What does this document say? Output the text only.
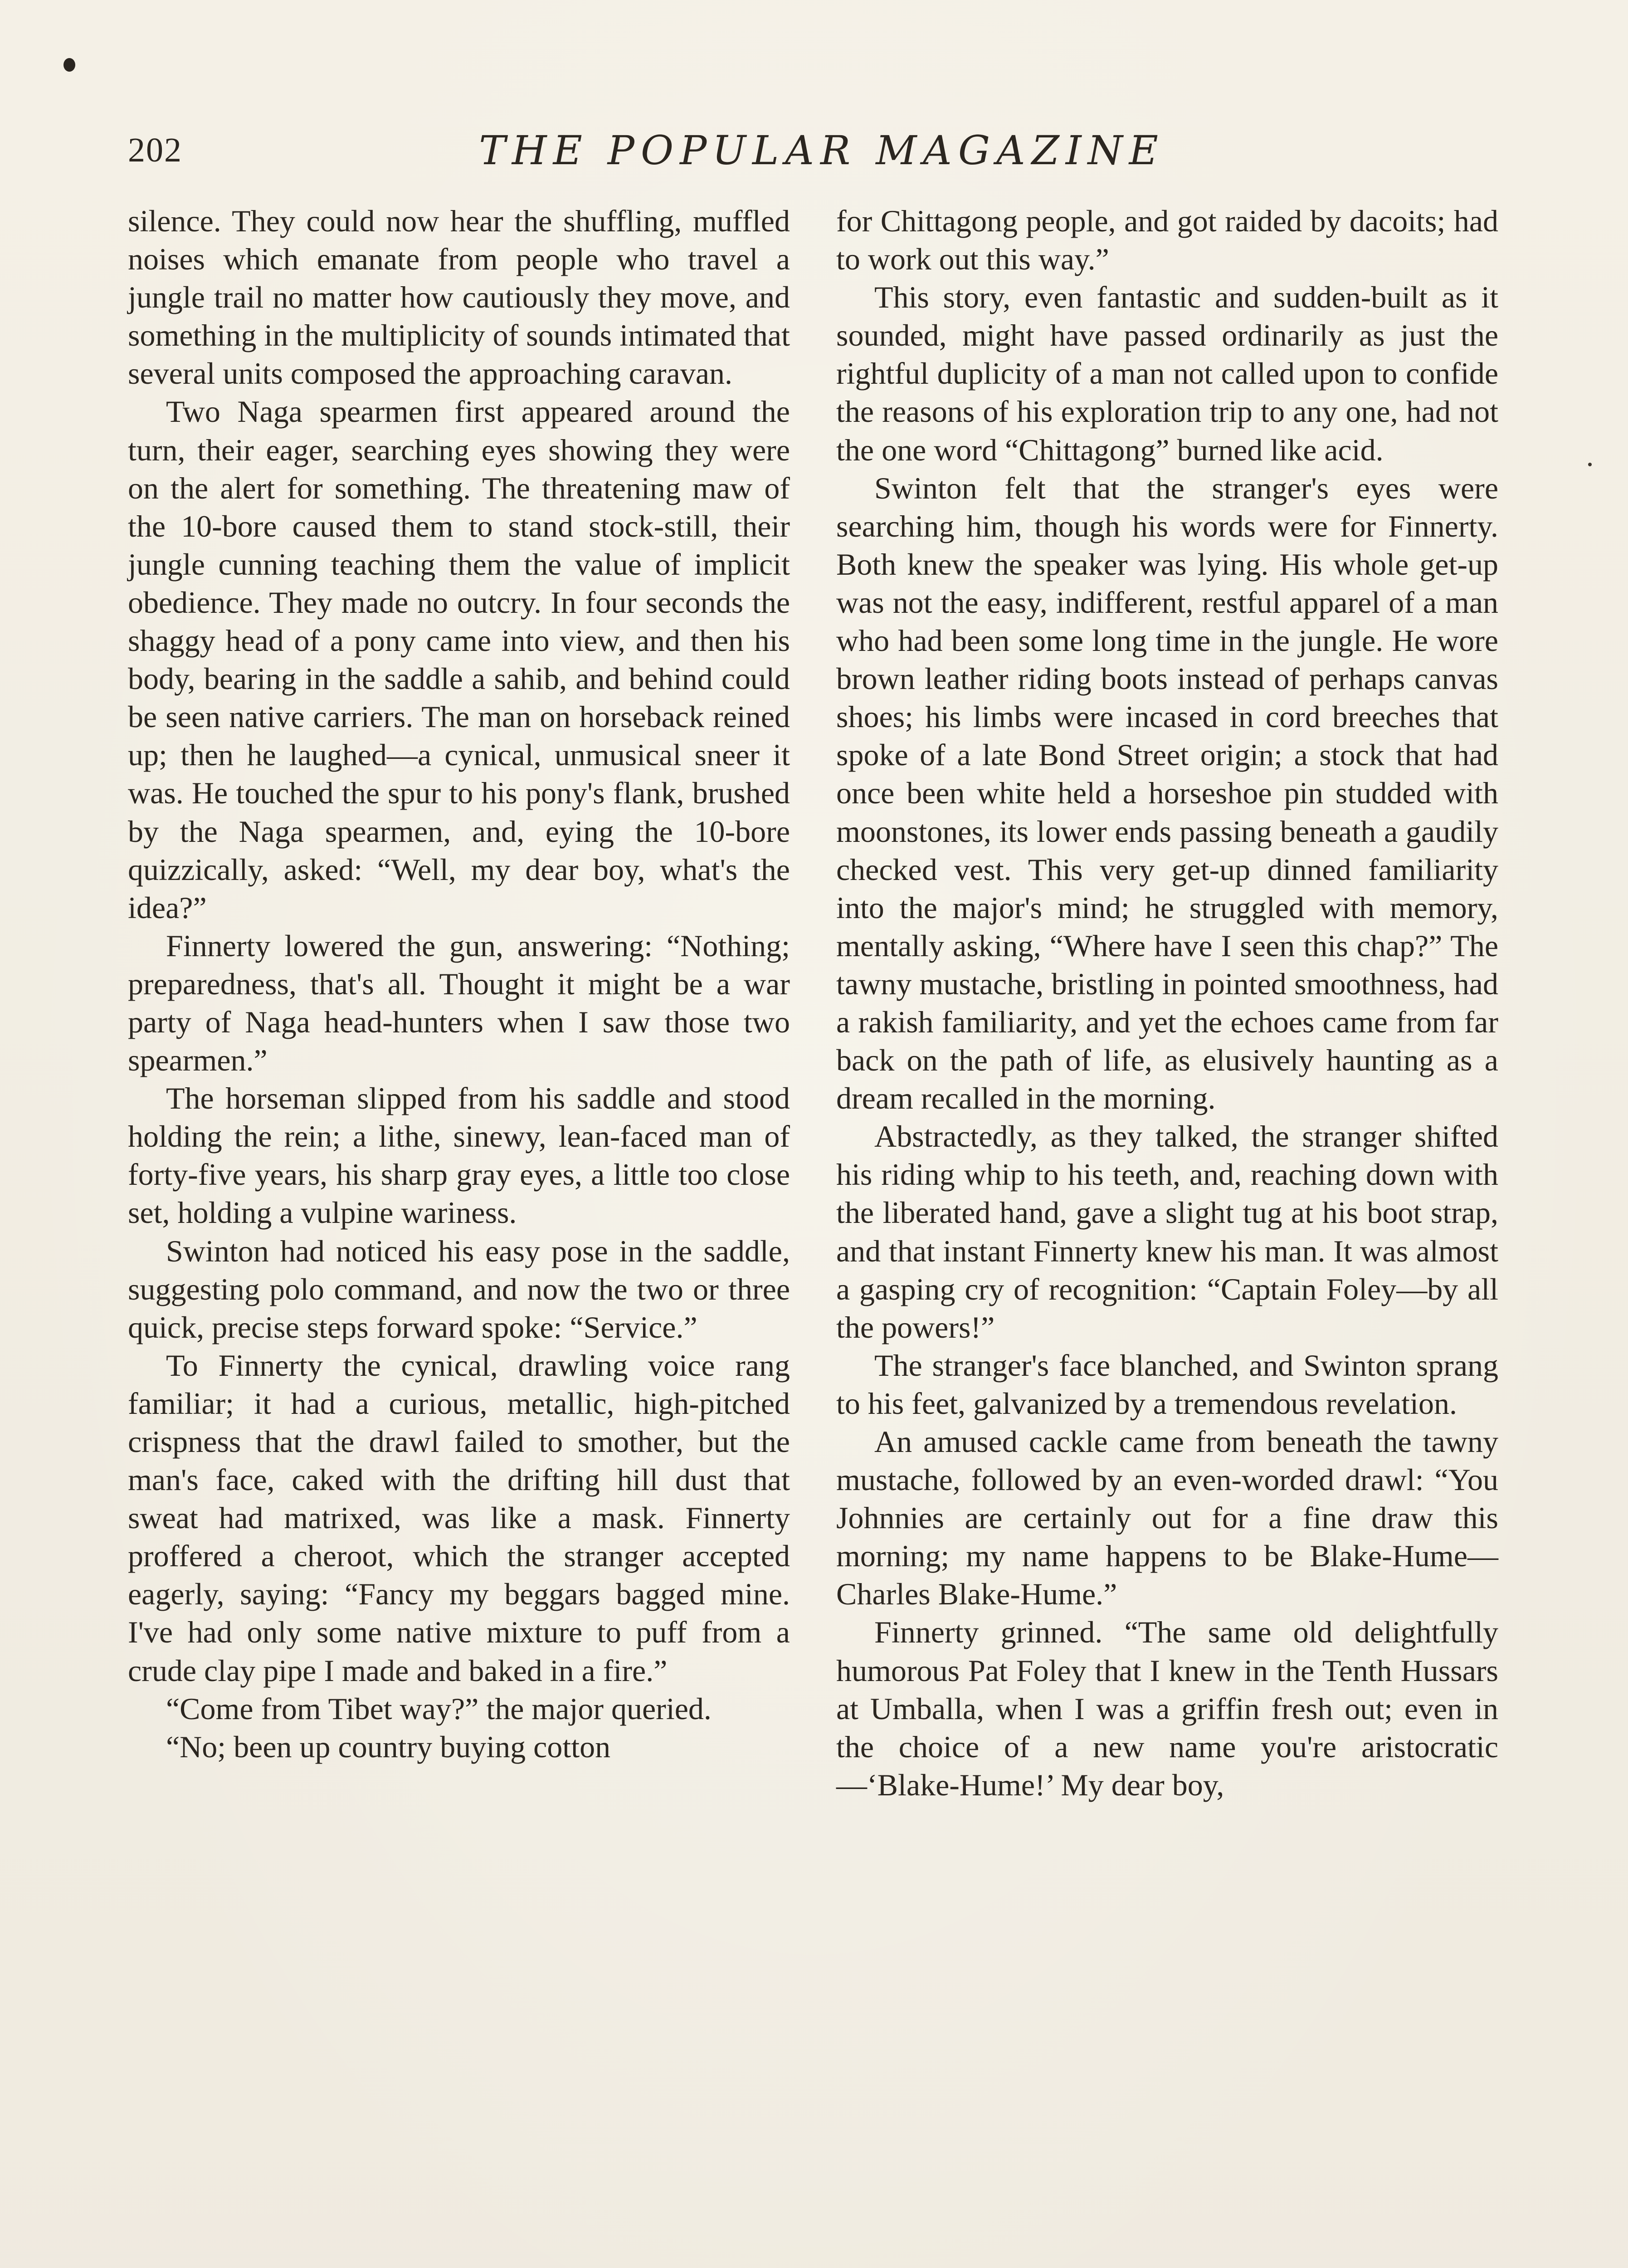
202	THE POPULAR MAGAZINE

silence. They could now hear the shuffling, muffled noises which emanate from people who travel a jungle trail no matter how cautiously they move, and something in the multiplicity of sounds intimated that several units composed the approaching caravan.

Two Naga spearmen first appeared around the turn, their eager, searching eyes showing they were on the alert for something. The threatening maw of the 10-bore caused them to stand stock-still, their jungle cunning teaching them the value of implicit obedience. They made no outcry. In four seconds the shaggy head of a pony came into view, and then his body, bearing in the saddle a sahib, and behind could be seen native carriers. The man on horseback reined up; then he laughed—a cynical, unmusical sneer it was. He touched the spur to his pony's flank, brushed by the Naga spearmen, and, eying the 10-bore quizzically, asked: “Well, my dear boy, what's the idea?”

Finnerty lowered the gun, answering: “Nothing; preparedness, that's all. Thought it might be a war party of Naga head-hunters when I saw those two spearmen.”

The horseman slipped from his saddle and stood holding the rein; a lithe, sinewy, lean-faced man of forty-five years, his sharp gray eyes, a little too close set, holding a vulpine wariness.

Swinton had noticed his easy pose in the saddle, suggesting polo command, and now the two or three quick, precise steps forward spoke: “Service.”

To Finnerty the cynical, drawling voice rang familiar; it had a curious, metallic, high-pitched crispness that the drawl failed to smother, but the man's face, caked with the drifting hill dust that sweat had matrixed, was like a mask. Finnerty proffered a cheroot, which the stranger accepted eagerly, saying: “Fancy my beggars bagged mine. I've had only some native mixture to puff from a crude clay pipe I made and baked in a fire.”

“Come from Tibet way?” the major queried.

“No; been up country buying cotton

for Chittagong people, and got raided by dacoits; had to work out this way.”

This story, even fantastic and sudden-built as it sounded, might have passed ordinarily as just the rightful duplicity of a man not called upon to confide the reasons of his exploration trip to any one, had not the one word “Chittagong” burned like acid.

Swinton felt that the stranger's eyes were searching him, though his words were for Finnerty. Both knew the speaker was lying. His whole get-up was not the easy, indifferent, restful apparel of a man who had been some long time in the jungle. He wore brown leather riding boots instead of perhaps canvas shoes; his limbs were incased in cord breeches that spoke of a late Bond Street origin; a stock that had once been white held a horseshoe pin studded with moonstones, its lower ends passing beneath a gaudily checked vest. This very get-up dinned familiarity into the major's mind; he struggled with memory, mentally asking, “Where have I seen this chap?” The tawny mustache, bristling in pointed smoothness, had a rakish familiarity, and yet the echoes came from far back on the path of life, as elusively haunting as a dream recalled in the morning.

Abstractedly, as they talked, the stranger shifted his riding whip to his teeth, and, reaching down with the liberated hand, gave a slight tug at his boot strap, and that instant Finnerty knew his man. It was almost a gasping cry of recognition: “Captain Foley—by all the powers!”

The stranger's face blanched, and Swinton sprang to his feet, galvanized by a tremendous revelation.

An amused cackle came from beneath the tawny mustache, followed by an even-worded drawl: “You Johnnies are certainly out for a fine draw this morning; my name happens to be Blake-Hume—Charles Blake-Hume.”

Finnerty grinned. “The same old delightfully humorous Pat Foley that I knew in the Tenth Hussars at Umballa, when I was a griffin fresh out; even in the choice of a new name you're aristocratic—‘Blake-Hume!’ My dear boy,
